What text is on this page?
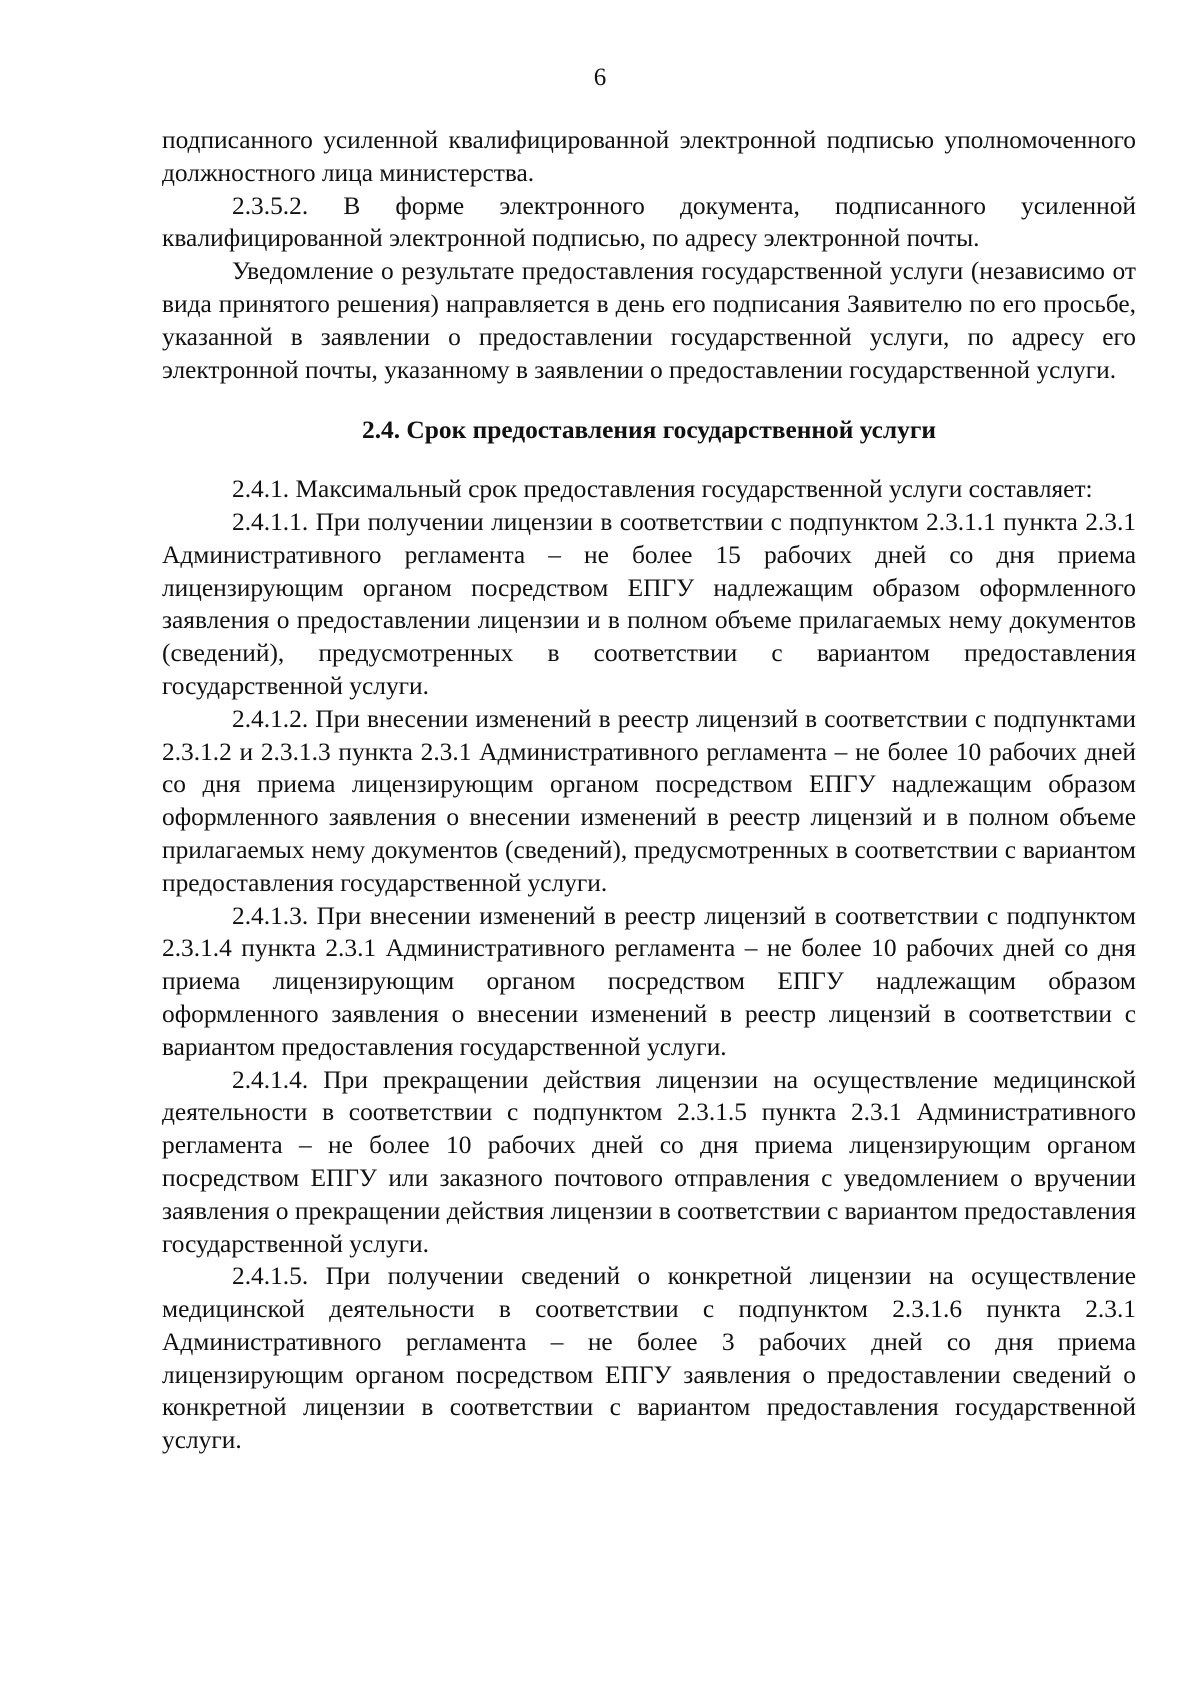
6

подписанного усиленной квалифицированной электронной подписью уполномоченного должностного лица министерства.

2.3.5.2. В форме электронного документа, подписанного усиленной квалифицированной электронной подписью, по адресу электронной почты.

Уведомление о результате предоставления государственной услуги (независимо от вида принятого решения) направляется в день его подписания Заявителю по его просьбе, указанной в заявлении о предоставлении государственной услуги, по адресу его электронной почты, указанному в заявлении о предоставлении государственной услуги.

2.4. Срок предоставления государственной услуги

2.4.1. Максимальный срок предоставления государственной услуги составляет:

2.4.1.1. При получении лицензии в соответствии с подпунктом 2.3.1.1 пункта 2.3.1 Административного регламента – не более 15 рабочих дней со дня приема лицензирующим органом посредством ЕПГУ надлежащим образом оформленного заявления о предоставлении лицензии и в полном объеме прилагаемых нему документов (сведений), предусмотренных в соответствии с вариантом предоставления государственной услуги.

2.4.1.2. При внесении изменений в реестр лицензий в соответствии с подпунктами 2.3.1.2 и 2.3.1.3 пункта 2.3.1 Административного регламента – не более 10 рабочих дней со дня приема лицензирующим органом посредством ЕПГУ надлежащим образом оформленного заявления о внесении изменений в реестр лицензий и в полном объеме прилагаемых нему документов (сведений), предусмотренных в соответствии с вариантом предоставления государственной услуги.

2.4.1.3. При внесении изменений в реестр лицензий в соответствии с подпунктом 2.3.1.4 пункта 2.3.1 Административного регламента – не более 10 рабочих дней со дня приема лицензирующим органом посредством ЕПГУ надлежащим образом оформленного заявления о внесении изменений в реестр лицензий в соответствии с вариантом предоставления государственной услуги.

2.4.1.4. При прекращении действия лицензии на осуществление медицинской деятельности в соответствии с подпунктом 2.3.1.5 пункта 2.3.1 Административного регламента – не более 10 рабочих дней со дня приема лицензирующим органом посредством ЕПГУ или заказного почтового отправления с уведомлением о вручении заявления о прекращении действия лицензии в соответствии с вариантом предоставления государственной услуги.

2.4.1.5. При получении сведений о конкретной лицензии на осуществление медицинской деятельности в соответствии с подпунктом 2.3.1.6 пункта 2.3.1 Административного регламента – не более 3 рабочих дней со дня приема лицензирующим органом посредством ЕПГУ заявления о предоставлении сведений о конкретной лицензии в соответствии с вариантом предоставления государственной услуги.
